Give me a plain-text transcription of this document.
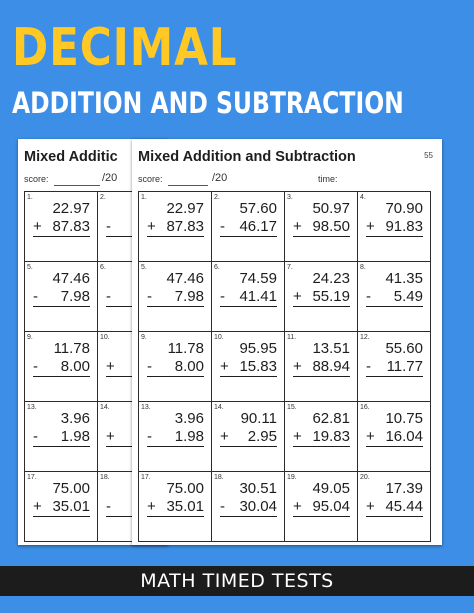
DECIMAL
ADDITION AND SUBTRACTION
Mixed Additic
score:	/20
1.
22.97
+ 87.83
2.
-

5.
47.46
-	7.98
6.
-

9.
11.78
-	8.00
10.
+

13.
3.96
-	1.98
14.
+

17.
75.00
+ 35.01
18.
-

Mixed Addition and Subtraction	55
score:	/20	time:
1.
22.97
+ 87.83
2.
57.60
- 46.17
3.
50.97
+ 98.50
4.
70.90
+ 91.83
5.
47.46
-	7.98
6.
74.59
- 41.41
7.
24.23
+ 55.19
8.
41.35
-	5.49
9.
11.78
-	8.00
10.
95.95
+ 15.83
11.
13.51
+ 88.94
12.
55.60
-	11.77
13.
3.96
-	1.98
14.
90.11
+	2.95
15.
62.81
+ 19.83
16.
10.75
+ 16.04
17.
75.00
+ 35.01
18.
30.51
- 30.04
19.
49.05
+ 95.04
20.
17.39
+ 45.44
MATH TIMED TESTS
